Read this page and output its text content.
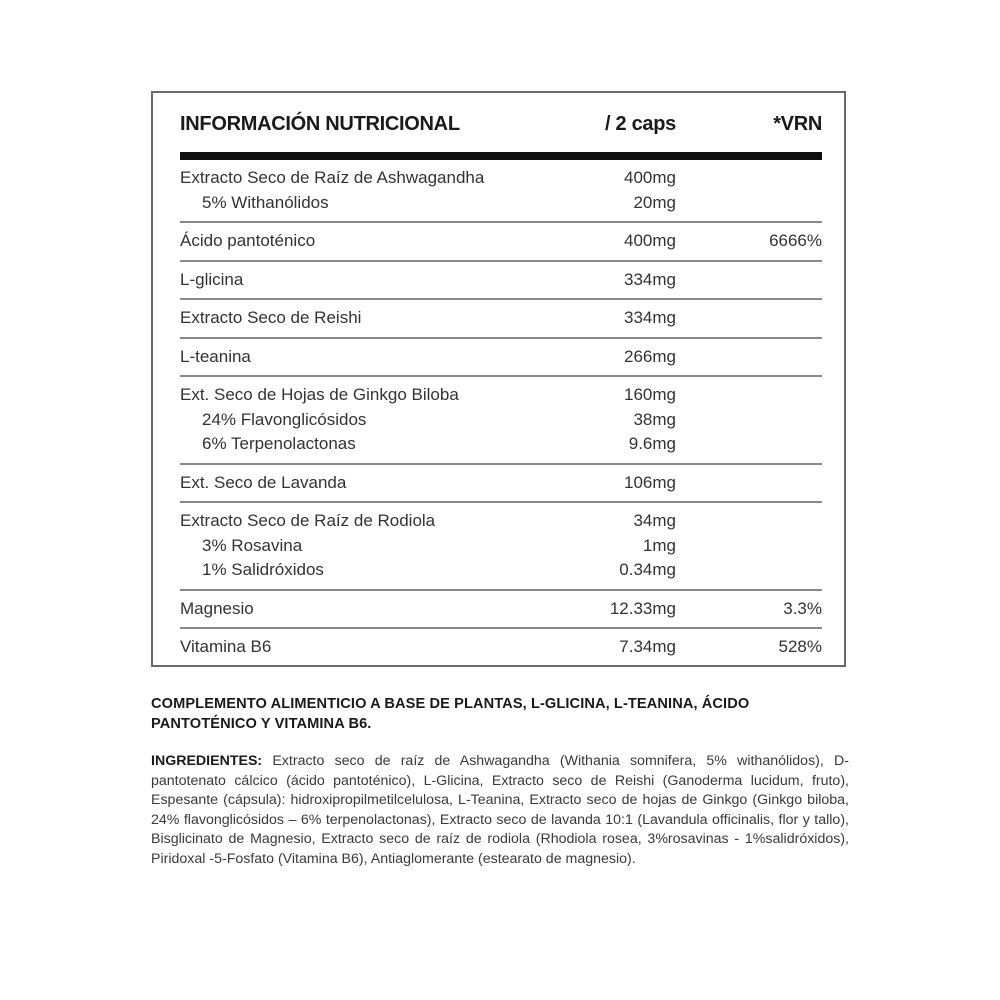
INFORMACIÓN NUTRICIONAL	/ 2 caps	*VRN
Extracto Seco de Raíz de Ashwagandha	400mg
5% Withanólidos	20mg
Ácido pantoténico	400mg	6666%
L-glicina	334mg
Extracto Seco de Reishi	334mg
L-teanina	266mg
Ext. Seco de Hojas de Ginkgo Biloba	160mg
24% Flavonglicósidos	38mg
6% Terpenolactonas	9.6mg
Ext. Seco de Lavanda	106mg
Extracto Seco de Raíz de Rodiola	34mg
3% Rosavina	1mg
1% Salidróxidos	0.34mg
Magnesio	12.33mg	3.3%
Vitamina B6	7.34mg	528%
COMPLEMENTO ALIMENTICIO A BASE DE PLANTAS, L-GLICINA, L-TEANINA, ÁCIDO PANTOTÉNICO Y VITAMINA B6.
INGREDIENTES: Extracto seco de raíz de Ashwagandha (Withania somnifera, 5% withanólidos), D-pantotenato cálcico (ácido pantoténico), L-Glicina, Extracto seco de Reishi (Ganoderma lucidum, fruto), Espesante (cápsula): hidroxipropilmetilcelulosa, L-Teanina, Extracto seco de hojas de Ginkgo (Ginkgo biloba, 24% flavonglicósidos – 6% terpenolactonas), Extracto seco de lavanda 10:1 (Lavandula officinalis, flor y tallo), Bisglicinato de Magnesio, Extracto seco de raíz de rodiola (Rhodiola rosea, 3%rosavinas - 1%salidróxidos), Piridoxal -5-Fosfato (Vitamina B6), Antiaglomerante (estearato de magnesio).
